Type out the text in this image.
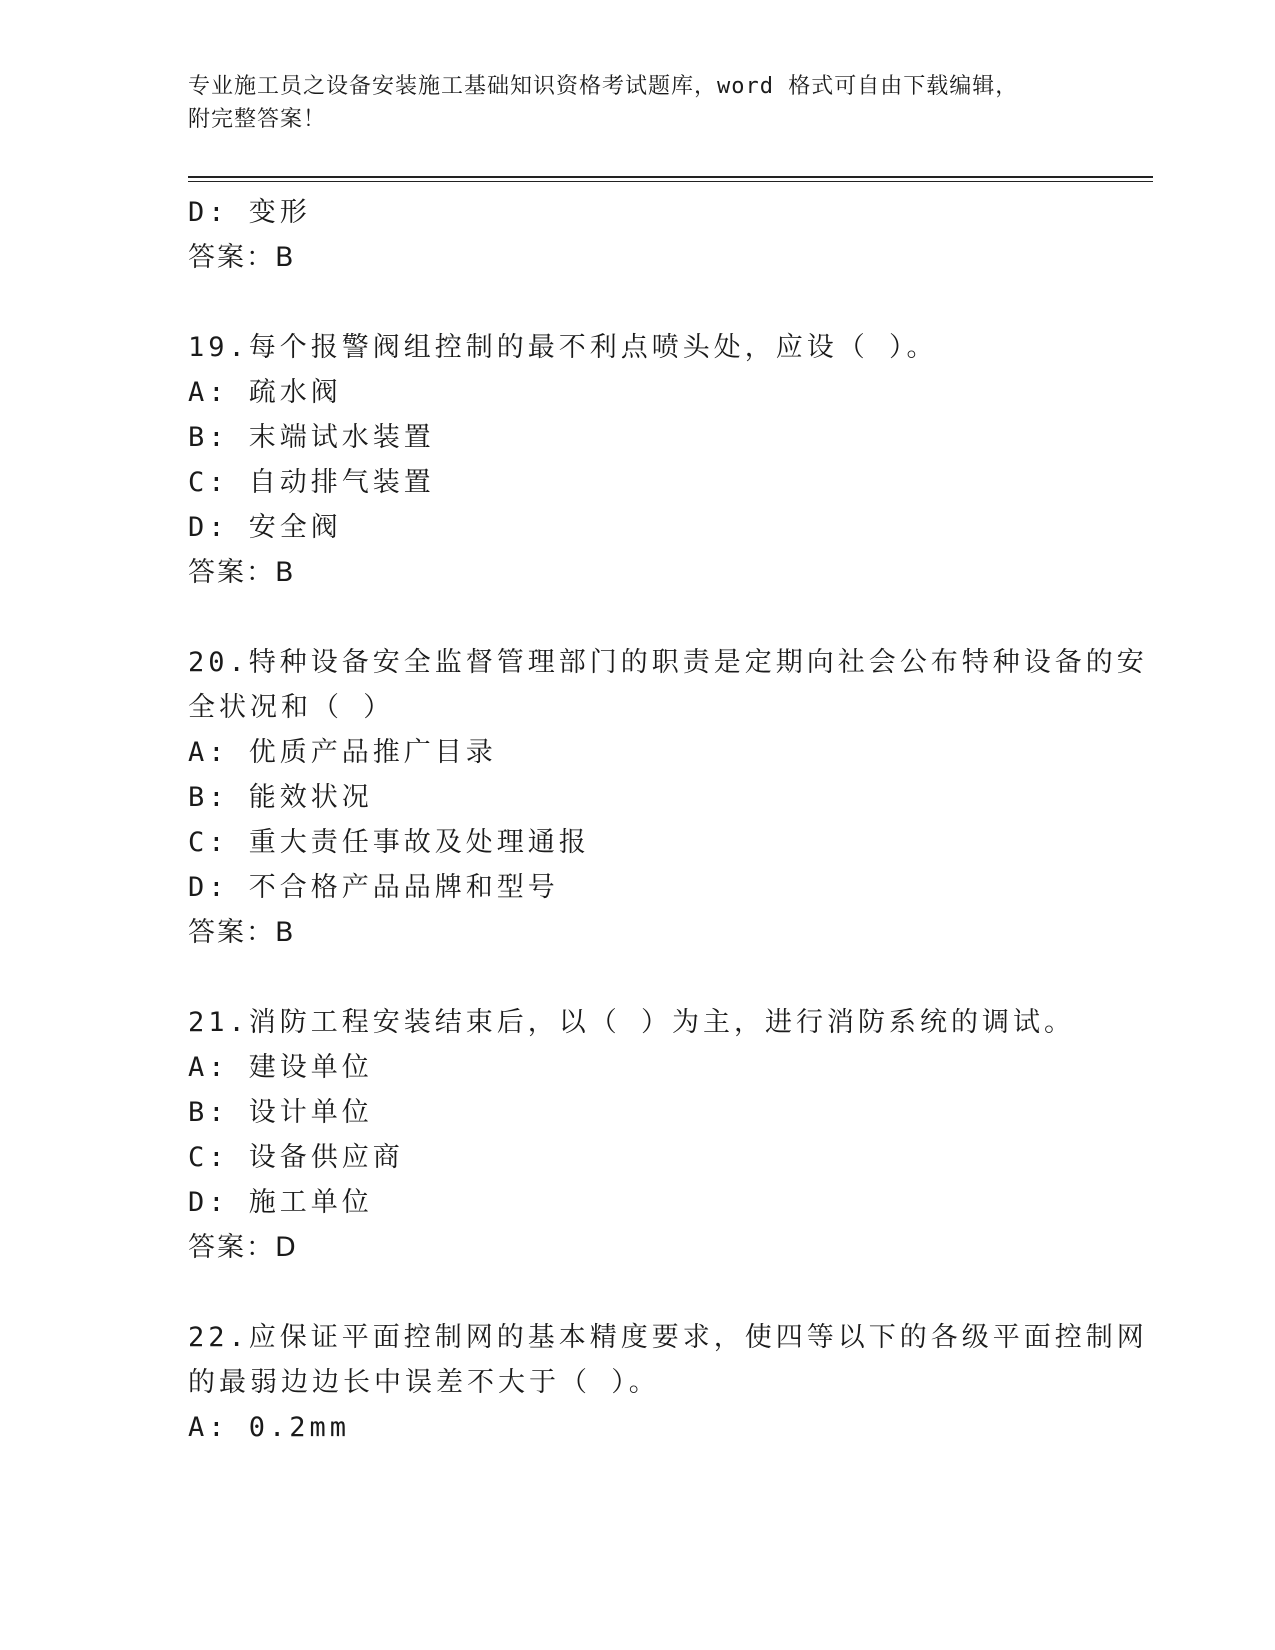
专业施工员之设备安装施工基础知识资格考试题库，word 格式可自由下载编辑，
附完整答案！
D: 变形
答案：B
19.每个报警阀组控制的最不利点喷头处，应设（ ）。
A: 疏水阀
B: 末端试水装置
C: 自动排气装置
D: 安全阀
答案：B
20.特种设备安全监督管理部门的职责是定期向社会公布特种设备的安
全状况和（ ）
A: 优质产品推广目录
B: 能效状况
C: 重大责任事故及处理通报
D: 不合格产品品牌和型号
答案：B
21.消防工程安装结束后，以（ ）为主，进行消防系统的调试。
A: 建设单位
B: 设计单位
C: 设备供应商
D: 施工单位
答案：D
22.应保证平面控制网的基本精度要求，使四等以下的各级平面控制网
的最弱边边长中误差不大于（ ）。
A: 0.2mm
